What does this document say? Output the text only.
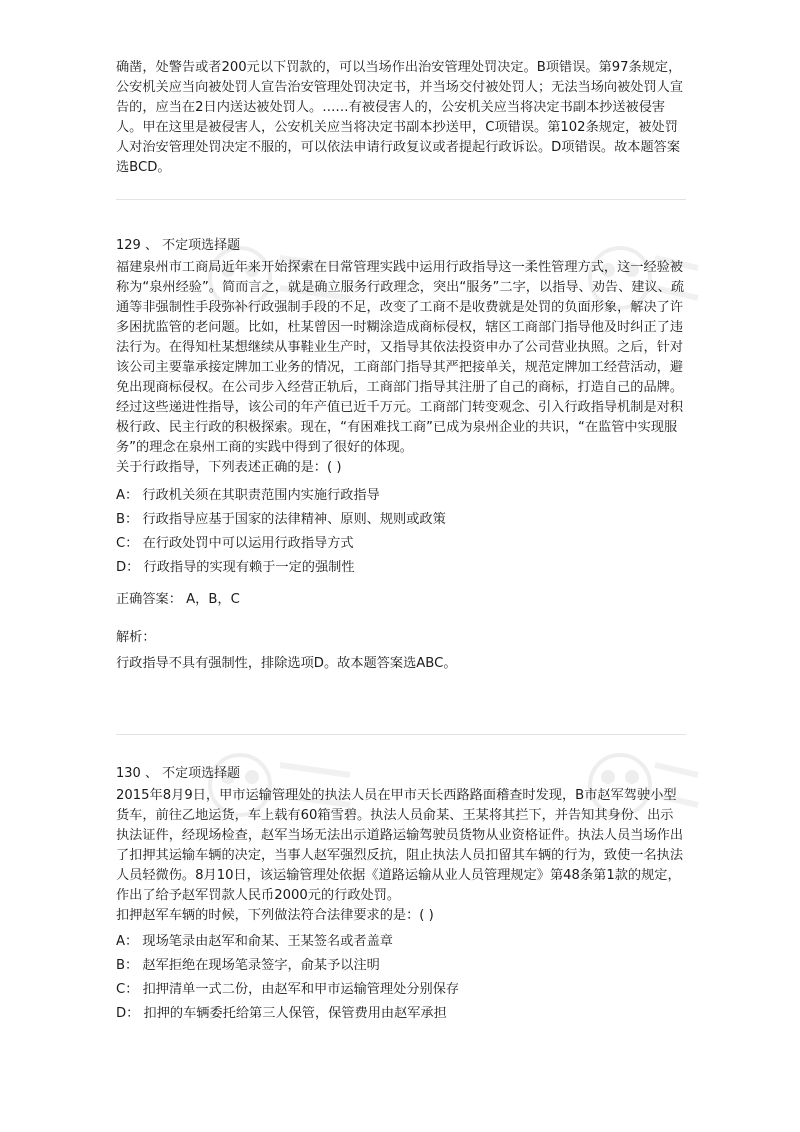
确凿，处警告或者200元以下罚款的，可以当场作出治安管理处罚决定。B项错误。第97条规定，公安机关应当向被处罚人宣告治安管理处罚决定书，并当场交付被处罚人；无法当场向被处罚人宣告的，应当在2日内送达被处罚人。……有被侵害人的，公安机关应当将决定书副本抄送被侵害人。甲在这里是被侵害人，公安机关应当将决定书副本抄送甲，C项错误。第102条规定，被处罚人对治安管理处罚决定不服的，可以依法申请行政复议或者提起行政诉讼。D项错误。故本题答案选BCD。

129 、 不定项选择题

福建泉州市工商局近年来开始探索在日常管理实践中运用行政指导这一柔性管理方式，这一经验被称为“泉州经验”。简而言之，就是确立服务行政理念，突出“服务”二字，以指导、劝告、建议、疏通等非强制性手段弥补行政强制手段的不足，改变了工商不是收费就是处罚的负面形象，解决了许多困扰监管的老问题。比如，杜某曾因一时糊涂造成商标侵权，辖区工商部门指导他及时纠正了违法行为。在得知杜某想继续从事鞋业生产时，又指导其依法投资申办了公司营业执照。之后，针对该公司主要靠承接定牌加工业务的情况，工商部门指导其严把接单关，规范定牌加工经营活动，避免出现商标侵权。在公司步入经营正轨后，工商部门指导其注册了自己的商标，打造自己的品牌。经过这些递进性指导，该公司的年产值已近千万元。工商部门转变观念、引入行政指导机制是对积极行政、民主行政的积极探索。现在，“有困难找工商”已成为泉州企业的共识，“在监管中实现服务”的理念在泉州工商的实践中得到了很好的体现。

关于行政指导，下列表述正确的是：( )

A： 行政机关须在其职责范围内实施行政指导

B： 行政指导应基于国家的法律精神、原则、规则或政策

C： 在行政处罚中可以运用行政指导方式

D： 行政指导的实现有赖于一定的强制性

正确答案： A，B，C

解析：

行政指导不具有强制性，排除选项D。故本题答案选ABC。

130 、 不定项选择题

2015年8月9日，甲市运输管理处的执法人员在甲市天长西路路面稽查时发现，B市赵军驾驶小型货车，前往乙地运货，车上载有60箱雪碧。执法人员俞某、王某将其拦下，并告知其身份、出示执法证件，经现场检查，赵军当场无法出示道路运输驾驶员货物从业资格证件。执法人员当场作出了扣押其运输车辆的决定，当事人赵军强烈反抗，阻止执法人员扣留其车辆的行为，致使一名执法人员轻微伤。8月10日，该运输管理处依据《道路运输从业人员管理规定》第48条第1款的规定，作出了给予赵军罚款人民币2000元的行政处罚。

扣押赵军车辆的时候，下列做法符合法律要求的是：( )

A： 现场笔录由赵军和俞某、王某签名或者盖章

B： 赵军拒绝在现场笔录签字，俞某予以注明

C： 扣押清单一式二份，由赵军和甲市运输管理处分别保存

D： 扣押的车辆委托给第三人保管，保管费用由赵军承担
